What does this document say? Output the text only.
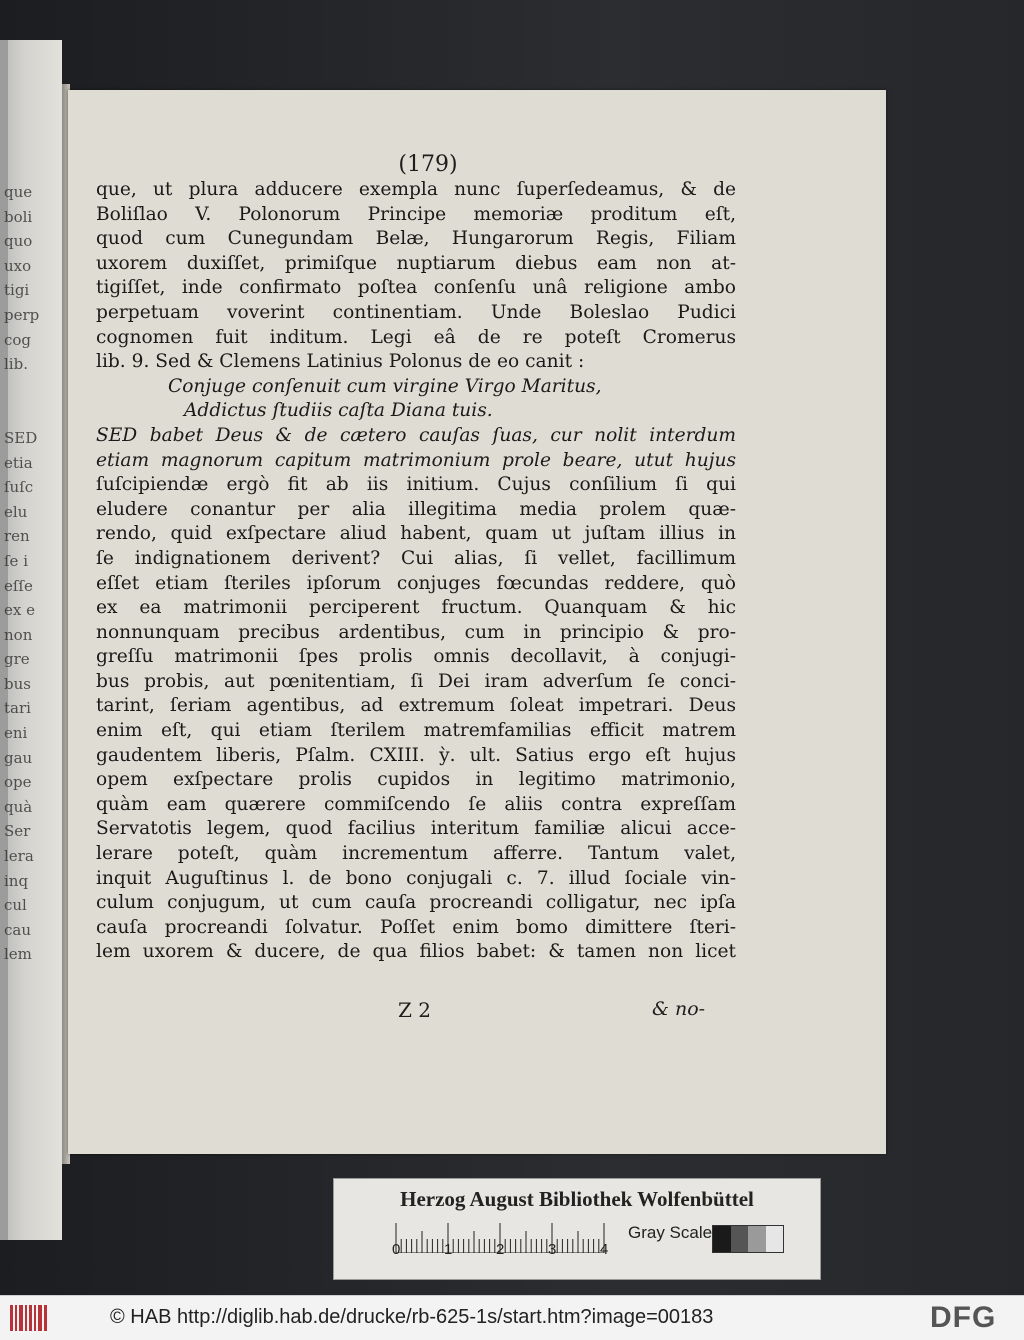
que
boli
quo
uxo
tigi
perp
cog
lib.
SED
etia
ſuſc
elu
ren
ſe i
eſſe
ex e
non
gre
bus
tari
eni
gau
ope
quà
Ser
lera
inq
cul
cau
lem
(179)
que, ut plura adducere exempla nunc ſuperſedeamus, & de
Boliſlao V. Polonorum Principe memoriæ proditum eſt,
quod cum Cunegundam Belæ, Hungarorum Regis, Filiam
uxorem duxiſſet, primiſque nuptiarum diebus eam non at-
tigiſſet, inde confirmato poſtea conſenſu unâ religione ambo
perpetuam voverint continentiam. Unde Boleslao Pudici
cognomen fuit inditum. Legi eâ de re poteſt Cromerus
lib. 9. Sed & Clemens Latinius Polonus de eo canit :
Conjuge conſenuit cum virgine Virgo Maritus,
Addictus ſtudiis caſta Diana tuis.
SED babet Deus & de cætero cauſas ſuas, cur nolit interdum
etiam magnorum capitum matrimonium prole beare, utut hujus
ſuſcipiendæ ergò fit ab iis initium. Cujus conſilium ſi qui
eludere conantur per alia illegitima media prolem quæ-
rendo, quid exſpectare aliud habent, quam ut juſtam illius in
ſe indignationem derivent? Cui alias, ſi vellet, facillimum
eſſet etiam ſteriles ipſorum conjuges fœcundas reddere, quò
ex ea matrimonii perciperent fructum. Quanquam & hic
nonnunquam precibus ardentibus, cum in principio & pro-
greſſu matrimonii ſpes prolis omnis decollavit, à conjugi-
bus probis, aut pœnitentiam, ſi Dei iram adverſum ſe conci-
tarint, ſeriam agentibus, ad extremum ſoleat impetrari. Deus
enim eſt, qui etiam ſterilem matremfamilias efficit matrem
gaudentem liberis, Pſalm. CXIII. ỳ. ult. Satius ergo eſt hujus
opem exſpectare prolis cupidos in legitimo matrimonio,
quàm eam quærere commiſcendo ſe aliis contra expreſſam
Servatotis legem, quod facilius interitum familiæ alicui acce-
lerare poteſt, quàm incrementum afferre. Tantum valet,
inquit Auguſtinus l. de bono conjugali c. 7. illud ſociale vin-
culum conjugum, ut cum cauſa procreandi colligatur, nec ipſa
cauſa procreandi ſolvatur. Poſſet enim bomo dimittere ſteri-
lem uxorem & ducere, de qua filios babet: & tamen non licet
Z 2	& no-
Herzog August Bibliothek Wolfenbüttel
0	1	2	3	4
Gray Scale
© HAB http://diglib.hab.de/drucke/rb-625-1s/start.htm?image=00183	DFG
